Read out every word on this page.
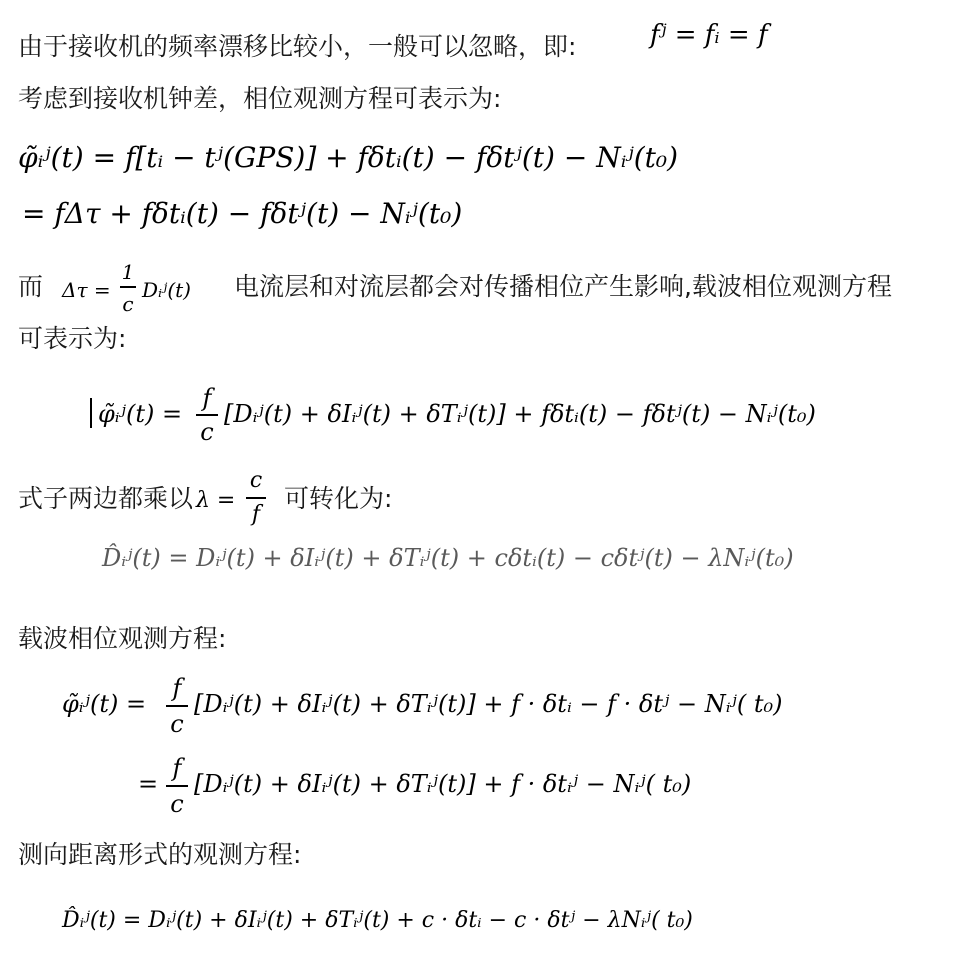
由于接收机的频率漂移比较小，一般可以忽略，即:	fʲ = fᵢ = f
考虑到接收机钟差，相位观测方程可表示为:
φ̃ᵢʲ(t) = f[tᵢ − tʲ(GPS)] + fδtᵢ(t) − fδtʲ(t) − Nᵢʲ(t₀)
= fΔτ + fδtᵢ(t) − fδtʲ(t) − Nᵢʲ(t₀)
而 Δτ =
1
c
Dᵢʲ(t) 电流层和对流层都会对传播相位产生影响,载波相位观测方程
可表示为:
φ̃ᵢʲ(t) =
f
c
[Dᵢʲ(t) + δIᵢʲ(t) + δTᵢʲ(t)] + fδtᵢ(t) − fδtʲ(t) − Nᵢʲ(t₀)
式子两边都乘以 λ =
c
f
可转化为:
D̂ᵢʲ(t) = Dᵢʲ(t) + δIᵢʲ(t) + δTᵢʲ(t) + cδtᵢ(t) − cδtʲ(t) − λNᵢʲ(t₀)
载波相位观测方程:
φ̃ᵢʲ(t) =
f
c
[Dᵢʲ(t) + δIᵢʲ(t) + δTᵢʲ(t)] + f · δtᵢ − f · δtʲ − Nᵢʲ( t₀)
=
f
c
[Dᵢʲ(t) + δIᵢʲ(t) + δTᵢʲ(t)] + f · δtᵢʲ − Nᵢʲ( t₀)
测向距离形式的观测方程:
D̂ᵢʲ(t) = Dᵢʲ(t) + δIᵢʲ(t) + δTᵢʲ(t) + c · δtᵢ − c · δtʲ − λNᵢʲ( t₀)
